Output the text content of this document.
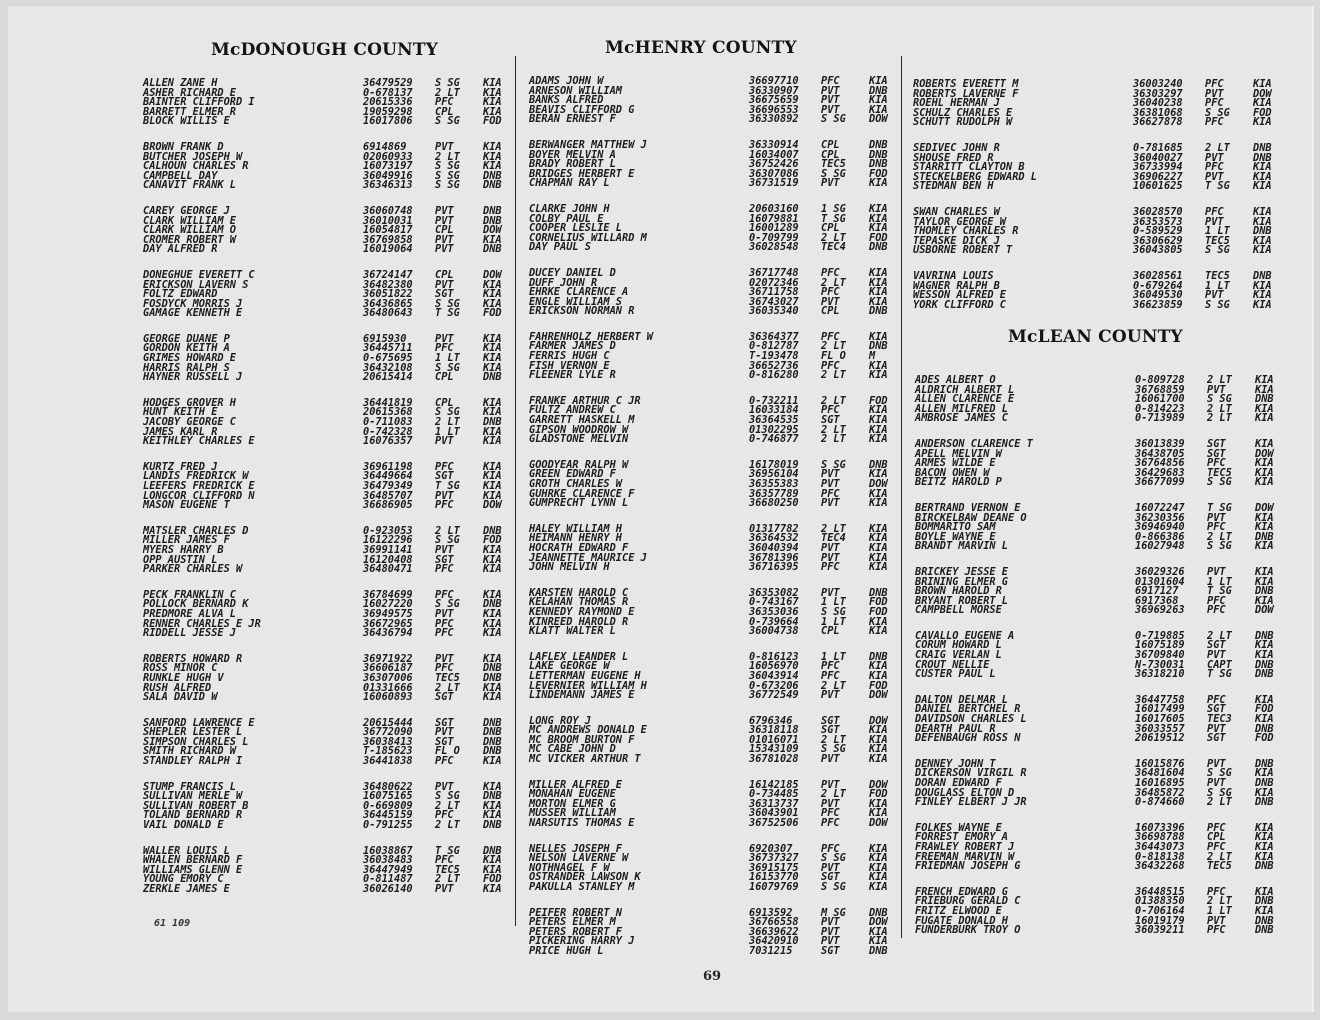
McDONOUGH COUNTY	McHENRY COUNTY
McLEAN COUNTY
ALLEN ZANE H	36479529 S SG KIA
ASHER RICHARD E	0-678137 2 LT KIA
BAINTER CLIFFORD I	20615336 PFC	KIA
BARRETT ELMER R	19059298 CPL	KIA
BLOCK WILLIS E	16017806 S SG FOD
BROWN FRANK D	6914869	PVT	KIA
BUTCHER JOSEPH W	02060933 2 LT KIA
CALHOUN CHARLES R	16073197 S SG KIA
CAMPBELL DAY	36049916 S SG DNB
CANAVIT FRANK L	36346313 S SG DNB
CAREY GEORGE J	36060748 PVT	DNB
CLARK WILLIAM E	36010031 PVT	DNB
CLARK WILLIAM O	16054817 CPL	DOW
CROMER ROBERT W	36769858 PVT	KIA
DAY ALFRED R	16019064 PVT	DNB
DONEGHUE EVERETT C	36724147 CPL	DOW
ERICKSON LAVERN S	36482380 PVT	KIA
FOLTZ EDWARD	36051822 SGT	KIA
FOSDYCK MORRIS J	36436865 S SG KIA
GAMAGE KENNETH E	36480643 T SG FOD
GEORGE DUANE P	6915930	PVT	KIA
GORDON KEITH A	36445711 PFC	KIA
GRIMES HOWARD E	0-675695 1 LT KIA
HARRIS RALPH S	36432108 S SG KIA
HAYNER RUSSELL J	20615414 CPL	DNB
HODGES GROVER H	36441819 CPL	KIA
HUNT KEITH E	20615368 S SG KIA
JACOBY GEORGE C	0-711083 2 LT DNB
JAMES KARL R	0-742328 1 LT KIA
KEITHLEY CHARLES E	16076357 PVT	KIA
KURTZ FRED J	36961198 PFC	KIA
LANDIS FREDRICK W	36449664 SGT	KIA
LEEFERS FREDRICK E	36479349 T SG KIA
LONGCOR CLIFFORD N	36485707 PVT	KIA
MASON EUGENE T	36686905 PFC	DOW
MATSLER CHARLES D	0-923053 2 LT DNB
MILLER JAMES F	16122296 S SG FOD
MYERS HARRY B	36991141 PVT	KIA
OPP AUSTIN L	16120408 SGT	KIA
PARKER CHARLES W	36480471 PFC	KIA
PECK FRANKLIN C	36784699 PFC	KIA
POLLOCK BERNARD K	16027220 S SG DNB
PREDMORE ALVA L	36949575 PVT	KIA
RENNER CHARLES E JR	36672965 PFC	KIA
RIDDELL JESSE J	36436794 PFC	KIA
ROBERTS HOWARD R	36971922 PVT	KIA
ROSS MINOR C	36606187 PFC	DNB
RUNKLE HUGH V	36307006 TEC5 DNB
RUSH ALFRED	01331666 2 LT KIA
SALA DAVID W	16060893 SGT	KIA
SANFORD LAWRENCE E	20615444 SGT	DNB
SHEPLER LESTER L	36772090 PVT	DNB
SIMPSON CHARLES L	36038413 SGT	DNB
SMITH RICHARD W	T-185623 FL O DNB
STANDLEY RALPH I	36441838 PFC	KIA
STUMP FRANCIS L	36480622 PVT	KIA
SULLIVAN MERLE W	16075165 S SG DNB
SULLIVAN ROBERT B	0-669809 2 LT KIA
TOLAND BERNARD R	36445159 PFC	KIA
VAIL DONALD E	0-791255 2 LT DNB
WALLER LOUIS L	16038867 T SG DNB
WHALEN BERNARD F	36038483 PFC	KIA
WILLIAMS GLENN E	36447949 TEC5 KIA
YOUNG EMORY C	0-811487 2 LT FOD
ZERKLE JAMES E	36026140 PVT	KIA
ADAMS JOHN W	36697710 PFC	KIA
ARNESON WILLIAM	36330907 PVT	DNB
BANKS ALFRED	36675659 PVT	KIA
BEAVIS CLIFFORD G	36696553 PVT	KIA
BERAN ERNEST F	36330892 S SG DOW
BERWANGER MATTHEW J	36330914 CPL	DNB
BOYER MELVIN A	16034007 CPL	DNB
BRADY ROBERT L	36752426 TEC5 DNB
BRIDGES HERBERT E	36307086 S SG FOD
CHAPMAN RAY L	36731519 PVT	KIA
CLARKE JOHN H	20603160 1 SG KIA
COLBY PAUL E	16079881 T SG KIA
COOPER LESLIE L	16001289 CPL	KIA
CORNELIUS WILLARD M	0-709799 2 LT FOD
DAY PAUL S	36028548 TEC4 DNB
DUCEY DANIEL D	36717748 PFC	KIA
DUFF JOHN R	02072346 2 LT KIA
EHRKE CLARENCE A	36711758 PFC	KIA
ENGLE WILLIAM S	36743027 PVT	KIA
ERICKSON NORMAN R	36035340 CPL	DNB
FAHRENHOLZ HERBERT W	36364377 PFC	KIA
FARMER JAMES D	0-812787 2 LT DNB
FERRIS HUGH C	T-193478 FL O M
FISH VERNON E	36652736 PFC	KIA
FLEENER LYLE R	0-816280 2 LT KIA
FRANKE ARTHUR C JR	0-732211 2 LT FOD
FULTZ ANDREW C	16033184 PFC	KIA
GARRETT HASKELL M	36364535 SGT	KIA
GIPSON WOODROW W	01302295 2 LT KIA
GLADSTONE MELVIN	0-746877 2 LT KIA
GOODYEAR RALPH W	16178019 S SG DNB
GREEN EDWARD F	36956104 PVT	KIA
GROTH CHARLES W	36355383 PVT	DOW
GUHRKE CLARENCE F	36357789 PFC	KIA
GUMPRECHT LYNN L	36680250 PVT	KIA
HALEY WILLIAM H	01317782 2 LT KIA
HEIMANN HENRY H	36364532 TEC4 KIA
HOCRATH EDWARD F	36040394 PVT	KIA
JEANNETTE MAURICE J	36781396 PVT	KIA
JOHN MELVIN H	36716395 PFC	KIA
KARSTEN HAROLD C	36353082 PVT	DNB
KELAHAN THOMAS R	0-743167 1 LT FOD
KENNEDY RAYMOND E	36353036 S SG FOD
KINREED HAROLD R	0-739664 1 LT KIA
KLATT WALTER L	36004738 CPL	KIA
LAFLEX LEANDER L	0-816123 1 LT DNB
LAKE GEORGE W	16056970 PFC	KIA
LETTERMAN EUGENE H	36043914 PFC	KIA
LEVERNIER WILLIAM H	0-673206 2 LT FOD
LINDEMANN JAMES E	36772549 PVT	DOW
LONG ROY J	6796346	SGT	DOW
MC ANDREWS DONALD E	36318118 SGT	KIA
MC BROOM BURTON F	01016071 2 LT KIA
MC CABE JOHN D	15343109 S SG KIA
MC VICKER ARTHUR T	36781028 PVT	KIA
MILLER ALFRED E	16142185 PVT	DOW
MONAHAN EUGENE	0-734485 2 LT FOD
MORTON ELMER G	36313737 PVT	KIA
MUSSER WILLIAM	36043901 PFC	KIA
NARSUTIS THOMAS E	36752506 PFC	DOW
NELLES JOSEPH F	6920307	PFC	KIA
NELSON LAVERNE W	36737327 S SG KIA
NOTHNAGEL F W	36915175 PVT	KIA
OSTRANDER LAWSON K	16153770 SGT	KIA
PAKULLA STANLEY M	16079769 S SG KIA
PEIFER ROBERT N	6913592	M SG DNB
PETERS ELMER M	36766558 PVT	DOW
PETERS ROBERT F	36639622 PVT	KIA
PICKERING HARRY J	36420910 PVT	KIA
PRICE HUGH L	7031215	SGT	DNB
ROBERTS EVERETT M	36003240 PFC	KIA
ROBERTS LAVERNE F	36303297 PVT	DOW
ROEHL HERMAN J	36040238 PFC	KIA
SCHULZ CHARLES E	36381068 S SG FOD
SCHUTT RUDOLPH W	36627878 PFC	KIA
SEDIVEC JOHN R	0-781685 2 LT DNB
SHOUSE FRED R	36040027 PVT	DNB
STARRITT CLAYTON B	36733994 PFC	KIA
STECKELBERG EDWARD L	36906227 PVT	KIA
STEDMAN BEN H	10601625 T SG KIA
SWAN CHARLES W	36028570 PFC	KIA
TAYLOR GEORGE W	36353573 PVT	KIA
THOMLEY CHARLES R	0-589529 1 LT DNB
TEPASKE DICK J	36306629 TEC5 KIA
USBORNE ROBERT T	36043805 S SG KIA
VAVRINA LOUIS	36028561 TEC5 DNB
WAGNER RALPH B	0-679264 1 LT KIA
WESSON ALFRED E	36049530 PVT	KIA
YORK CLIFFORD C	36623859 S SG KIA
ADES ALBERT O	0-809728 2 LT KIA
ALDRICH ALBERT L	36768859 PVT	KIA
ALLEN CLARENCE E	16061700 S SG DNB
ALLEN MILFRED L	0-814223 2 LT KIA
AMBROSE JAMES C	0-713989 2 LT KIA
ANDERSON CLARENCE T	36013839 SGT	KIA
APELL MELVIN W	36438705 SGT	DOW
ARMES WILDE E	36764856 PFC	KIA
BACON OWEN W	36429683 TEC5 KIA
BEITZ HAROLD P	36677099 S SG KIA
BERTRAND VERNON E	16072247 T SG DOW
BIRCKELBAW DEANE O	36230356 PVT	KIA
BOMMARITO SAM	36946940 PFC	KIA
BOYLE WAYNE E	0-866386 2 LT DNB
BRANDT MARVIN L	16027948 S SG KIA
BRICKEY JESSE E	36029326 PVT	KIA
BRINING ELMER G	01301604 1 LT KIA
BROWN HAROLD R	6917127	T SG DNB
BRYANT ROBERT L	6917368	PFC	KIA
CAMPBELL MORSE	36969263 PFC	DOW
CAVALLO EUGENE A	0-719885 2 LT DNB
CORUM HOWARD L	16075189 SGT	KIA
CRAIG VERLAN L	36709840 PVT	KIA
CROUT NELLIE	N-730031 CAPT DNB
CUSTER PAUL L	36318210 T SG DNB
DALTON DELMAR L	36447758 PFC	KIA
DANIEL BERTCHEL R	16017499 SGT	FOD
DAVIDSON CHARLES L	16017605 TEC3 KIA
DEARTH PAUL R	36033557 PVT	DNB
DEFENBAUGH ROSS N	20619512 SGT	FOD
DENNEY JOHN T	16015876 PVT	DNB
DICKERSON VIRGIL R	36481604 S SG KIA
DORAN EDWARD F	16016895 PVT	DNB
DOUGLASS ELTON D	36485872 S SG KIA
FINLEY ELBERT J JR	0-874660 2 LT DNB
FOLKES WAYNE E	16073396 PFC	KIA
FORREST EMORY A	36698788 CPL	KIA
FRAWLEY ROBERT J	36443073 PFC	KIA
FREEMAN MARVIN W	0-818138 2 LT KIA
FRIEDMAN JOSEPH G	36432268 TEC5 DNB
FRENCH EDWARD G	36448515 PFC	KIA
FRIEBURG GERALD C	01388350 2 LT DNB
FRITZ ELWOOD E	0-706164 1 LT KIA
FUGATE DONALD H	16019179 PVT	DNB
FUNDERBURK TROY O	36039211 PFC	DNB
61 109
69
